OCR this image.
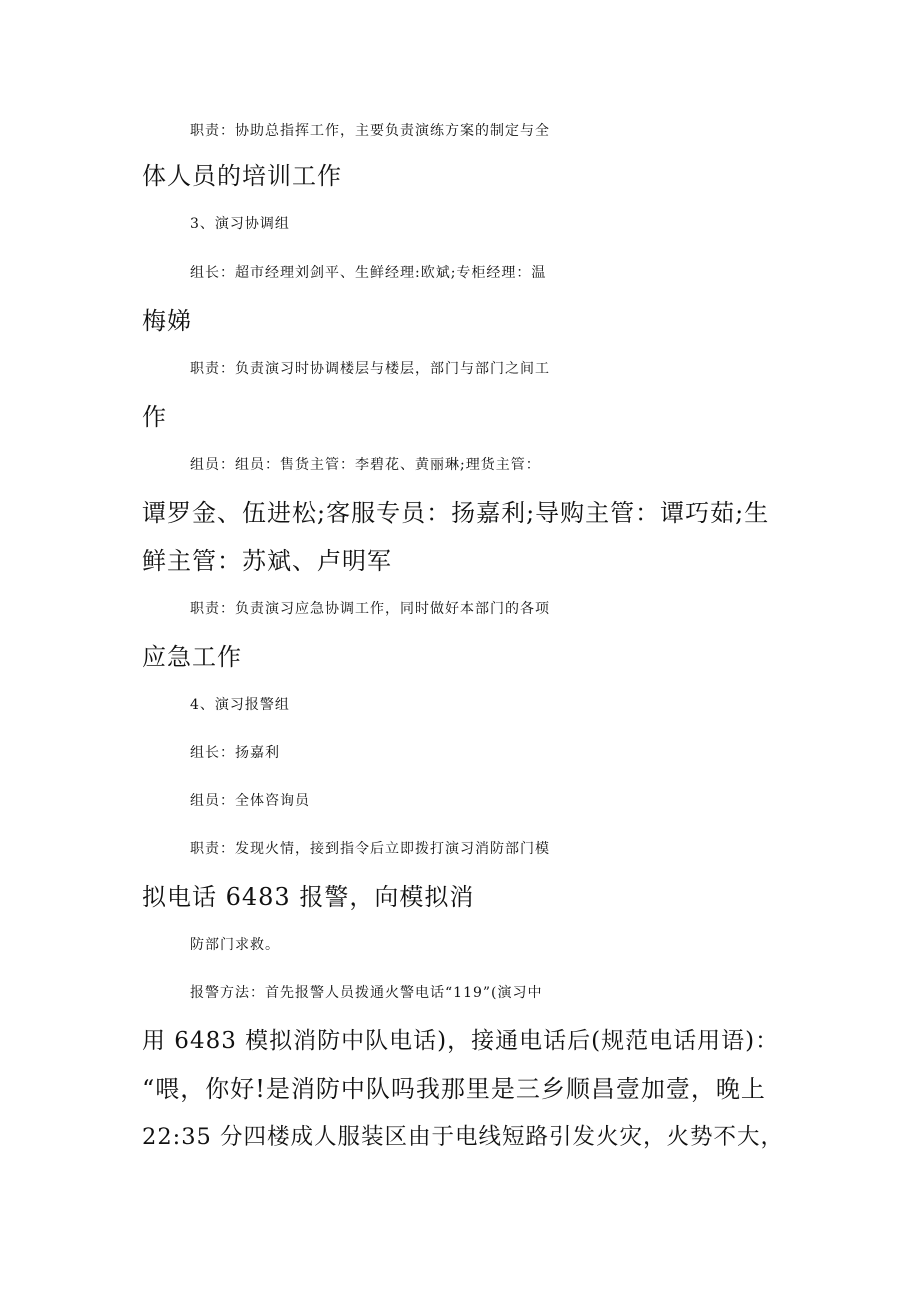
职责：协助总指挥工作，主要负责演练方案的制定与全
体人员的培训工作
3、演习协调组
组长：超市经理刘剑平、生鲜经理:欧斌;专柜经理：温
梅娣
职责：负责演习时协调楼层与楼层，部门与部门之间工
作
组员：组员：售货主管：李碧花、黄丽琳;理货主管：
谭罗金、伍进松;客服专员：扬嘉利;导购主管：谭巧茹;生
鲜主管：苏斌、卢明军
职责：负责演习应急协调工作，同时做好本部门的各项
应急工作
4、演习报警组
组长：扬嘉利
组员：全体咨询员
职责：发现火情，接到指令后立即拨打演习消防部门模
拟电话 6483 报警，向模拟消
防部门求救。
报警方法：首先报警人员拨通火警电话“119”(演习中
用 6483 模拟消防中队电话)，接通电话后(规范电话用语)：
“喂，你好!是消防中队吗我那里是三乡顺昌壹加壹，晚上
22:35 分四楼成人服装区由于电线短路引发火灾，火势不大，
